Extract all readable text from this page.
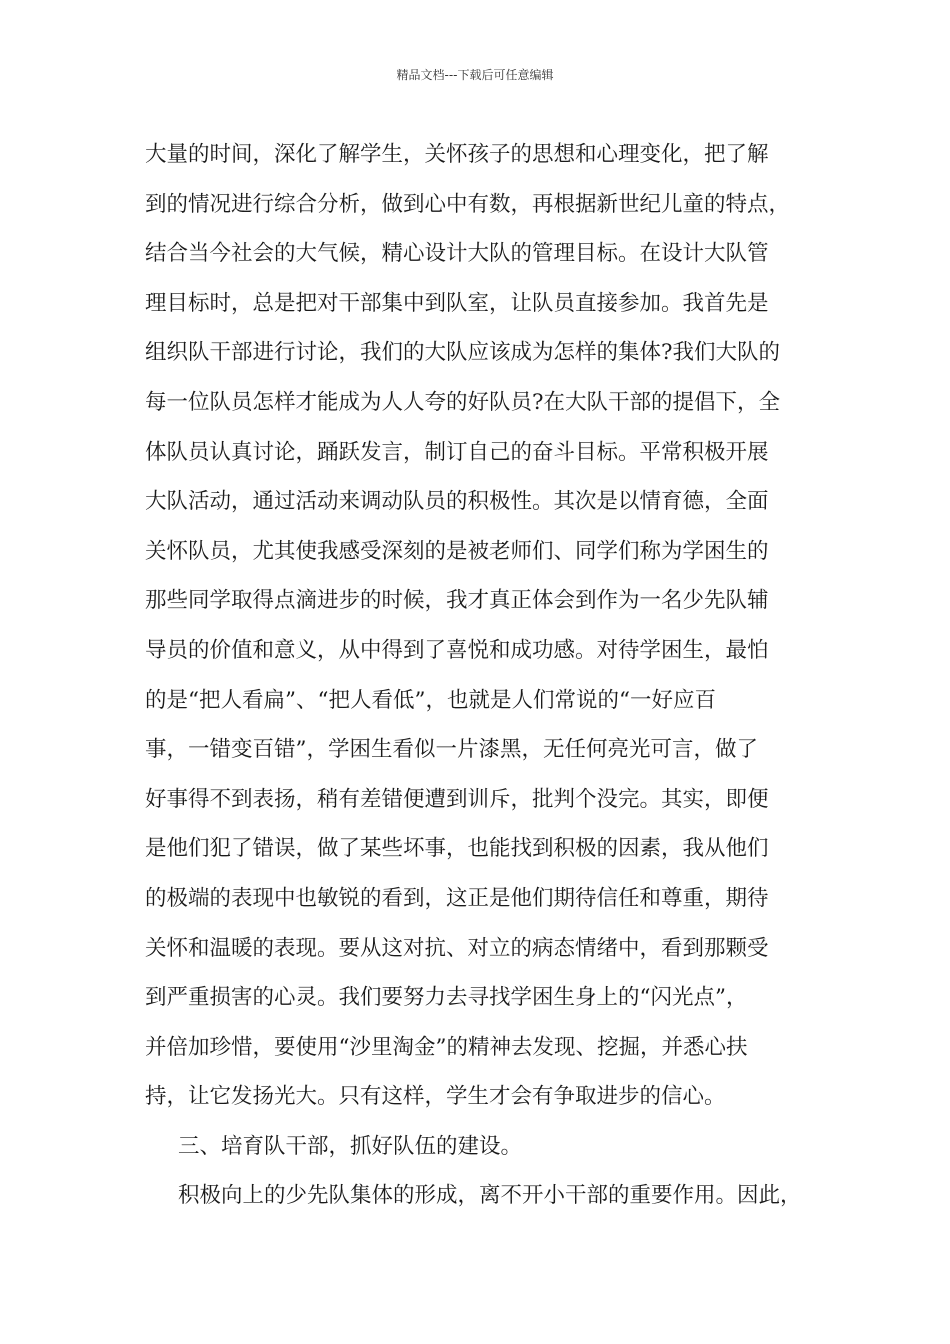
精品文档---下载后可任意编辑
大量的时间，深化了解学生，关怀孩子的思想和心理变化，把了解
到的情况进行综合分析，做到心中有数，再根据新世纪儿童的特点，
结合当今社会的大气候，精心设计大队的管理目标。在设计大队管
理目标时，总是把对干部集中到队室，让队员直接参加。我首先是
组织队干部进行讨论，我们的大队应该成为怎样的集体?我们大队的
每一位队员怎样才能成为人人夸的好队员?在大队干部的提倡下，全
体队员认真讨论，踊跃发言，制订自己的奋斗目标。平常积极开展
大队活动，通过活动来调动队员的积极性。其次是以情育德，全面
关怀队员，尤其使我感受深刻的是被老师们、同学们称为学困生的
那些同学取得点滴进步的时候，我才真正体会到作为一名少先队辅
导员的价值和意义，从中得到了喜悦和成功感。对待学困生，最怕
的是“把人看扁”、“把人看低”，也就是人们常说的“一好应百
事，一错变百错”，学困生看似一片漆黑，无任何亮光可言，做了
好事得不到表扬，稍有差错便遭到训斥，批判个没完。其实，即便
是他们犯了错误，做了某些坏事，也能找到积极的因素，我从他们
的极端的表现中也敏锐的看到，这正是他们期待信任和尊重，期待
关怀和温暖的表现。要从这对抗、对立的病态情绪中，看到那颗受
到严重损害的心灵。我们要努力去寻找学困生身上的“闪光点”，
并倍加珍惜，要使用“沙里淘金”的精神去发现、挖掘，并悉心扶
持，让它发扬光大。只有这样，学生才会有争取进步的信心。
三、培育队干部，抓好队伍的建设。
积极向上的少先队集体的形成，离不开小干部的重要作用。因此，
